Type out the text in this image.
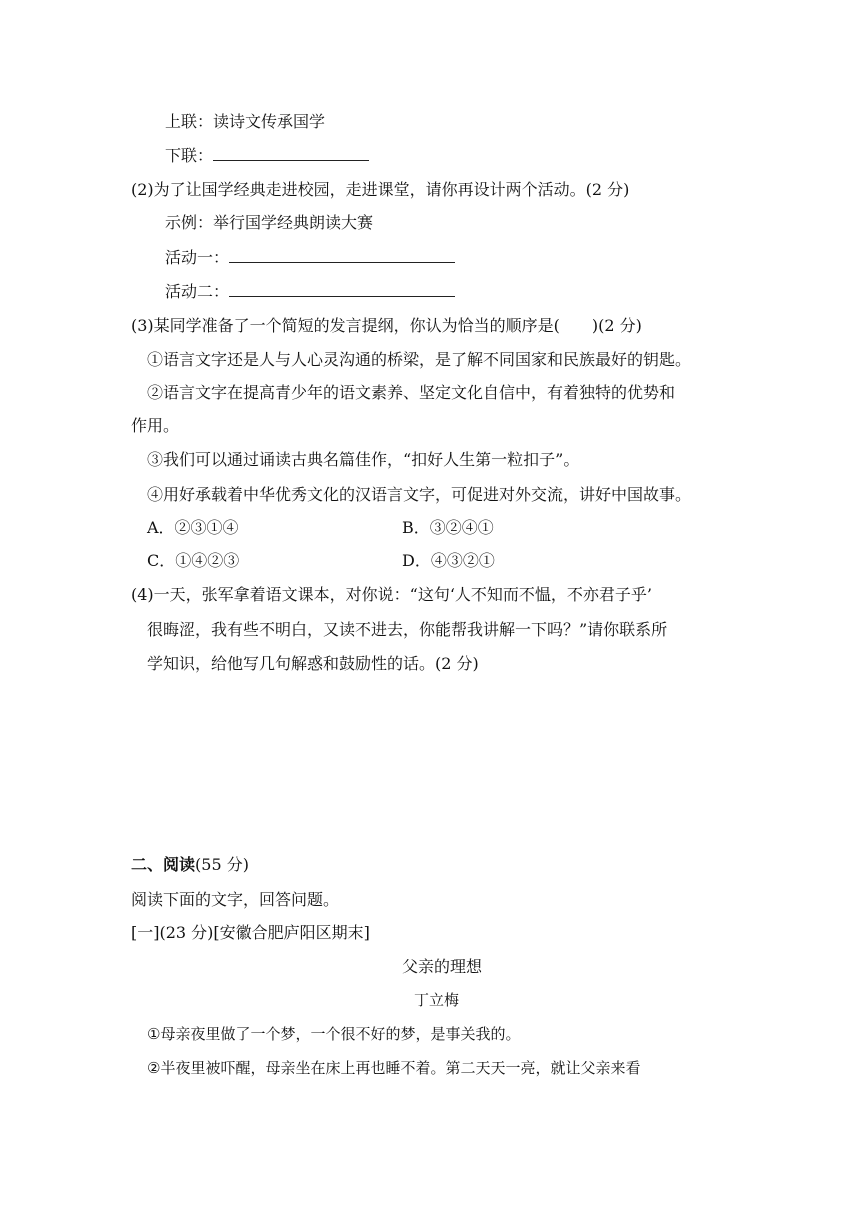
上联：读诗文传承国学
下联：
(2)为了让国学经典走进校园，走进课堂，请你再设计两个活动。(2 分)
示例：举行国学经典朗读大赛
活动一：
活动二：
(3)某同学准备了一个简短的发言提纲，你认为恰当的顺序是(　　)(2 分)
①语言文字还是人与人心灵沟通的桥梁，是了解不同国家和民族最好的钥匙。
②语言文字在提高青少年的语文素养、坚定文化自信中，有着独特的优势和
作用。
③我们可以通过诵读古典名篇佳作，“扣好人生第一粒扣子”。
④用好承载着中华优秀文化的汉语言文字，可促进对外交流，讲好中国故事。
A．②③①④	B．③②④①
C．①④②③	D．④③②①
(4)一天，张军拿着语文课本，对你说：“这句‘人不知而不愠，不亦君子乎’
很晦涩，我有些不明白，又读不进去，你能帮我讲解一下吗？”请你联系所
学知识，给他写几句解惑和鼓励性的话。(2 分)
二、阅读(55 分)
阅读下面的文字，回答问题。
[一](23 分)[安徽合肥庐阳区期末]
父亲的理想
丁立梅
①母亲夜里做了一个梦，一个很不好的梦，是事关我的。
②半夜里被吓醒，母亲坐在床上再也睡不着。第二天天一亮，就让父亲来看
